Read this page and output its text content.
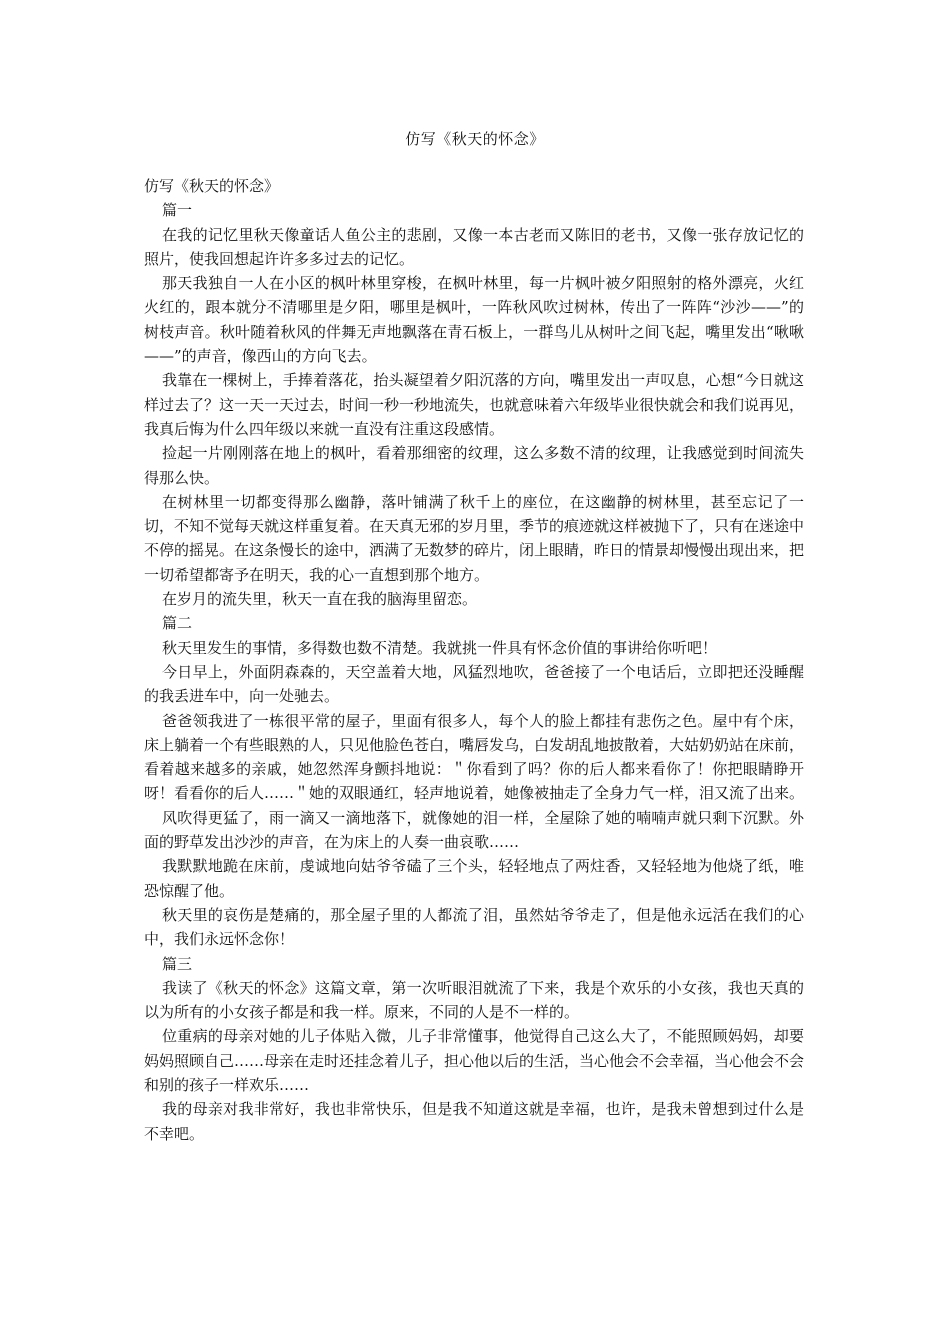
仿写《秋天的怀念》

仿写《秋天的怀念》

篇一

在我的记忆里秋天像童话人鱼公主的悲剧，又像一本古老而又陈旧的老书，又像一张存放记忆的照片，使我回想起许许多多过去的记忆。

那天我独自一人在小区的枫叶林里穿梭，在枫叶林里，每一片枫叶被夕阳照射的格外漂亮，火红火红的，跟本就分不清哪里是夕阳，哪里是枫叶，一阵秋风吹过树林，传出了一阵阵“沙沙——”的树枝声音。秋叶随着秋风的伴舞无声地飘落在青石板上，一群鸟儿从树叶之间飞起，嘴里发出“啾啾——”的声音，像西山的方向飞去。

我靠在一棵树上，手捧着落花，抬头凝望着夕阳沉落的方向，嘴里发出一声叹息，心想“今日就这样过去了？这一天一天过去，时间一秒一秒地流失，也就意味着六年级毕业很快就会和我们说再见，我真后悔为什么四年级以来就一直没有注重这段感情。

捡起一片刚刚落在地上的枫叶，看着那细密的纹理，这么多数不清的纹理，让我感觉到时间流失得那么快。

在树林里一切都变得那么幽静，落叶铺满了秋千上的座位，在这幽静的树林里，甚至忘记了一切，不知不觉每天就这样重复着。在天真无邪的岁月里，季节的痕迹就这样被抛下了，只有在迷途中不停的摇晃。在这条慢长的途中，洒满了无数梦的碎片，闭上眼睛，昨日的情景却慢慢出现出来，把一切希望都寄予在明天，我的心一直想到那个地方。

在岁月的流失里，秋天一直在我的脑海里留恋。

篇二

秋天里发生的事情，多得数也数不清楚。我就挑一件具有怀念价值的事讲给你听吧！

今日早上，外面阴森森的，天空盖着大地，风猛烈地吹，爸爸接了一个电话后，立即把还没睡醒的我丢进车中，向一处驰去。

爸爸领我进了一栋很平常的屋子，里面有很多人，每个人的脸上都挂有悲伤之色。屋中有个床，床上躺着一个有些眼熟的人，只见他脸色苍白，嘴唇发乌，白发胡乱地披散着，大姑奶奶站在床前，看着越来越多的亲戚，她忽然浑身颤抖地说：＂你看到了吗？你的后人都来看你了！你把眼睛睁开呀！看看你的后人……＂她的双眼通红，轻声地说着，她像被抽走了全身力气一样，泪又流了出来。

风吹得更猛了，雨一滴又一滴地落下，就像她的泪一样，全屋除了她的喃喃声就只剩下沉默。外面的野草发出沙沙的声音，在为床上的人奏一曲哀歌……

我默默地跪在床前，虔诚地向姑爷爷磕了三个头，轻轻地点了两炷香，又轻轻地为他烧了纸，唯恐惊醒了他。

秋天里的哀伤是楚痛的，那全屋子里的人都流了泪，虽然姑爷爷走了，但是他永远活在我们的心中，我们永远怀念你！

篇三

我读了《秋天的怀念》这篇文章，第一次听眼泪就流了下来，我是个欢乐的小女孩，我也天真的以为所有的小女孩子都是和我一样。原来，不同的人是不一样的。

位重病的母亲对她的儿子体贴入微，儿子非常懂事，他觉得自己这么大了，不能照顾妈妈，却要妈妈照顾自己……母亲在走时还挂念着儿子，担心他以后的生活，当心他会不会幸福，当心他会不会和别的孩子一样欢乐……

我的母亲对我非常好，我也非常快乐，但是我不知道这就是幸福，也许，是我未曾想到过什么是不幸吧。
